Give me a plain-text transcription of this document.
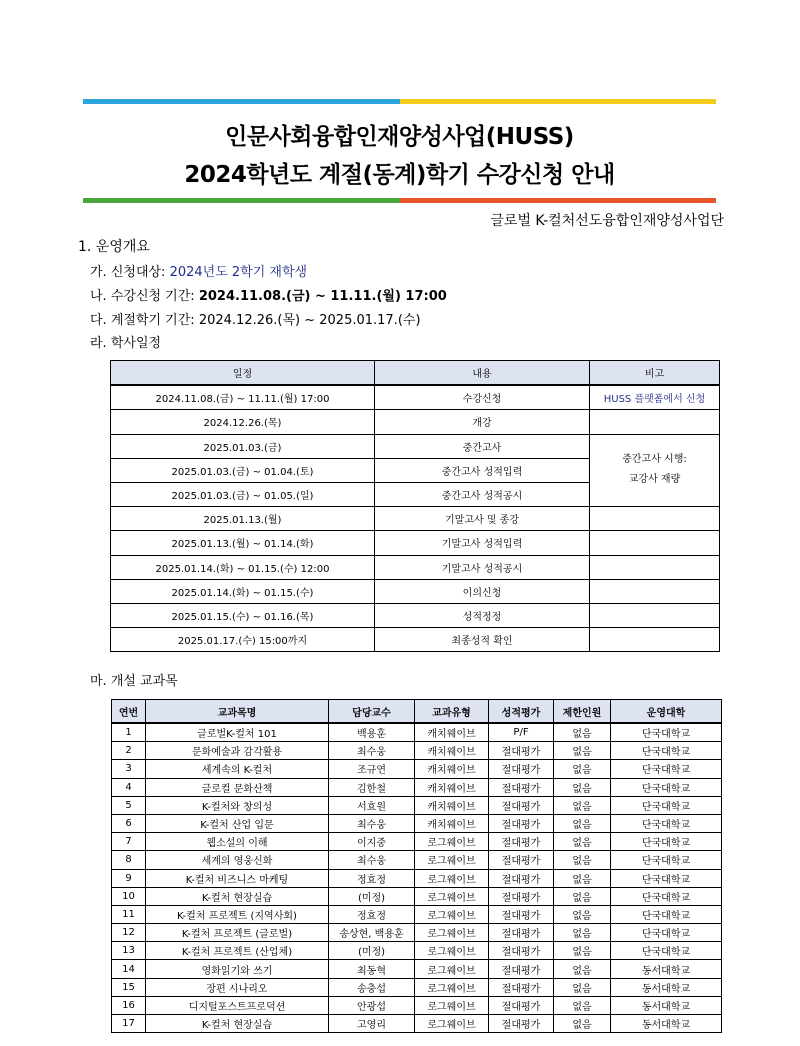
인문사회융합인재양성사업(HUSS)
2024학년도 계절(동계)학기 수강신청 안내
글로벌 K-컬처선도융합인재양성사업단
1. 운영개요
가. 신청대상: 2024년도 2학기 재학생
나. 수강신청 기간: 2024.11.08.(금) ~ 11.11.(월) 17:00
다. 계절학기 기간: 2024.12.26.(목) ~ 2025.01.17.(수)
라. 학사일정
일정	내용	비고
2024.11.08.(금) ~ 11.11.(월) 17:00	수강신청	HUSS 플랫폼에서 신청
2024.12.26.(목)	개강	
2025.01.03.(금)	중간고사	중간고사 시행:
교강사 재량
2025.01.03.(금) ~ 01.04.(토)	중간고사 성적입력	
2025.01.03.(금) ~ 01.05.(일)	중간고사 성적공시	
2025.01.13.(월)	기말고사 및 종강	
2025.01.13.(월) ~ 01.14.(화)	기말고사 성적입력	
2025.01.14.(화) ~ 01.15.(수) 12:00	기말고사 성적공시	
2025.01.14.(화) ~ 01.15.(수)	이의신청	
2025.01.15.(수) ~ 01.16.(목)	성적정정	
2025.01.17.(수) 15:00까지	최종성적 확인	
마. 개설 교과목
연번	교과목명	담당교수	교과유형	성적평가	제한인원	운영대학
1	글로벌K-컬처 101	백용훈	캐치웨이브	P/F	없음	단국대학교
2	문화예술과 감각활용	최수웅	캐치웨이브	절대평가	없음	단국대학교
3	세계속의 K-컬처	조규연	캐치웨이브	절대평가	없음	단국대학교
4	글로컬 문화산책	김한철	캐치웨이브	절대평가	없음	단국대학교
5	K-컬처와 창의성	서효원	캐치웨이브	절대평가	없음	단국대학교
6	K-컬처 산업 입문	최수웅	캐치웨이브	절대평가	없음	단국대학교
7	웹소설의 이해	이지중	로그웨이브	절대평가	없음	단국대학교
8	세계의 영웅신화	최수웅	로그웨이브	절대평가	없음	단국대학교
9	K-컬처 비즈니스 마케팅	정효정	로그웨이브	절대평가	없음	단국대학교
10	K-컬처 현장실습	(미정)	로그웨이브	절대평가	없음	단국대학교
11	K-컬처 프로젝트 (지역사회)	정효정	로그웨이브	절대평가	없음	단국대학교
12	K-컬처 프로젝트 (글로벌)	송상현, 백용훈	로그웨이브	절대평가	없음	단국대학교
13	K-컬처 프로젝트 (산업체)	(미정)	로그웨이브	절대평가	없음	단국대학교
14	영화읽기와 쓰기	최동혁	로그웨이브	절대평가	없음	동서대학교
15	장편 시나리오	송충섭	로그웨이브	절대평가	없음	동서대학교
16	디지털포스트프로덕션	안광섭	로그웨이브	절대평가	없음	동서대학교
17	K-컬처 현장실습	고영리	로그웨이브	절대평가	없음	동서대학교
